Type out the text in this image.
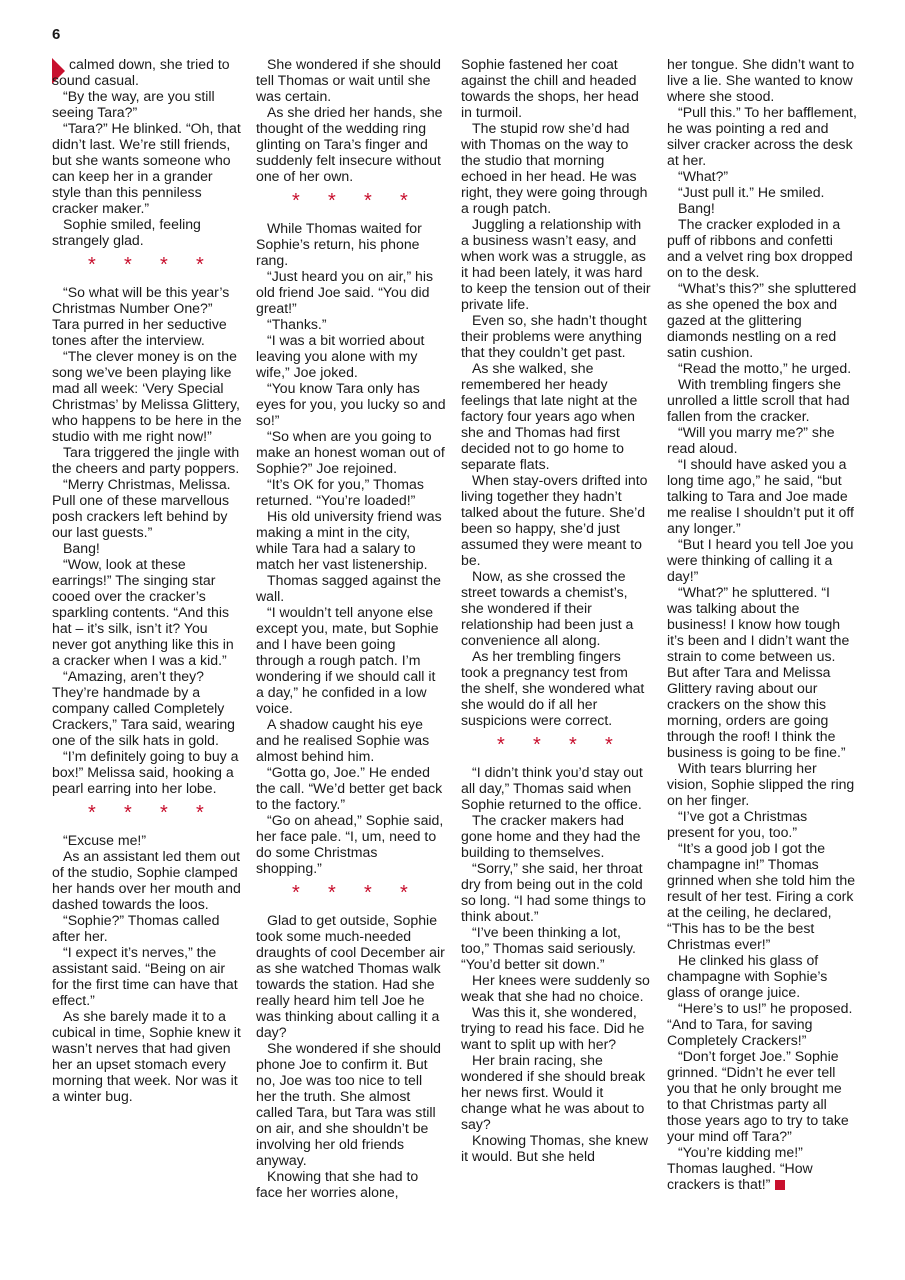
6

calmed down, she tried to sound casual.

“By the way, are you still seeing Tara?”

“Tara?” He blinked. “Oh, that didn’t last. We’re still friends, but she wants someone who can keep her in a grander style than this penniless cracker maker.”

Sophie smiled, feeling strangely glad.

* * * *

“So what will be this year’s Christmas Number One?” Tara purred in her seductive tones after the interview.

“The clever money is on the song we’ve been playing like mad all week: ‘Very Special Christmas’ by Melissa Glittery, who happens to be here in the studio with me right now!”

Tara triggered the jingle with the cheers and party poppers.

“Merry Christmas, Melissa. Pull one of these marvellous posh crackers left behind by our last guests.”

Bang!

“Wow, look at these earrings!” The singing star cooed over the cracker’s sparkling contents. “And this hat – it’s silk, isn’t it? You never got anything like this in a cracker when I was a kid.”

“Amazing, aren’t they? They’re handmade by a company called Completely Crackers,” Tara said, wearing one of the silk hats in gold.

“I’m definitely going to buy a box!” Melissa said, hooking a pearl earring into her lobe.

* * * *

“Excuse me!”

As an assistant led them out of the studio, Sophie clamped her hands over her mouth and dashed towards the loos.

“Sophie?” Thomas called after her.

“I expect it’s nerves,” the assistant said. “Being on air for the first time can have that effect.”

As she barely made it to a cubical in time, Sophie knew it wasn’t nerves that had given her an upset stomach every morning that week. Nor was it a winter bug.

She wondered if she should tell Thomas or wait until she was certain.

As she dried her hands, she thought of the wedding ring glinting on Tara’s finger and suddenly felt insecure without one of her own.

* * * *

While Thomas waited for Sophie’s return, his phone rang.

“Just heard you on air,” his old friend Joe said. “You did great!”

“Thanks.”

“I was a bit worried about leaving you alone with my wife,” Joe joked.

“You know Tara only has eyes for you, you lucky so and so!”

“So when are you going to make an honest woman out of Sophie?” Joe rejoined.

“It’s OK for you,” Thomas returned. “You’re loaded!”

His old university friend was making a mint in the city, while Tara had a salary to match her vast listenership.

Thomas sagged against the wall.

“I wouldn’t tell anyone else except you, mate, but Sophie and I have been going through a rough patch. I’m wondering if we should call it a day,” he confided in a low voice.

A shadow caught his eye and he realised Sophie was almost behind him.

“Gotta go, Joe.” He ended the call. “We’d better get back to the factory.”

“Go on ahead,” Sophie said, her face pale. “I, um, need to do some Christmas shopping.”

* * * *

Glad to get outside, Sophie took some much-needed draughts of cool December air as she watched Thomas walk towards the station. Had she really heard him tell Joe he was thinking about calling it a day?

She wondered if she should phone Joe to confirm it. But no, Joe was too nice to tell her the truth. She almost called Tara, but Tara was still on air, and she shouldn’t be involving her old friends anyway.

Knowing that she had to face her worries alone,

Sophie fastened her coat against the chill and headed towards the shops, her head in turmoil.

The stupid row she’d had with Thomas on the way to the studio that morning echoed in her head. He was right, they were going through a rough patch.

Juggling a relationship with a business wasn’t easy, and when work was a struggle, as it had been lately, it was hard to keep the tension out of their private life.

Even so, she hadn’t thought their problems were anything that they couldn’t get past.

As she walked, she remembered her heady feelings that late night at the factory four years ago when she and Thomas had first decided not to go home to separate flats.

When stay-overs drifted into living together they hadn’t talked about the future. She’d been so happy, she’d just assumed they were meant to be.

Now, as she crossed the street towards a chemist’s, she wondered if their relationship had been just a convenience all along.

As her trembling fingers took a pregnancy test from the shelf, she wondered what she would do if all her suspicions were correct.

* * * *

“I didn’t think you’d stay out all day,” Thomas said when Sophie returned to the office.

The cracker makers had gone home and they had the building to themselves.

“Sorry,” she said, her throat dry from being out in the cold so long. “I had some things to think about.”

“I’ve been thinking a lot, too,” Thomas said seriously. “You’d better sit down.”

Her knees were suddenly so weak that she had no choice.

Was this it, she wondered, trying to read his face. Did he want to split up with her?

Her brain racing, she wondered if she should break her news first. Would it change what he was about to say?

Knowing Thomas, she knew it would. But she held

her tongue. She didn’t want to live a lie. She wanted to know where she stood.

“Pull this.” To her bafflement, he was pointing a red and silver cracker across the desk at her.

“What?”

“Just pull it.” He smiled.

Bang!

The cracker exploded in a puff of ribbons and confetti and a velvet ring box dropped on to the desk.

“What’s this?” she spluttered as she opened the box and gazed at the glittering diamonds nestling on a red satin cushion.

“Read the motto,” he urged.

With trembling fingers she unrolled a little scroll that had fallen from the cracker.

“Will you marry me?” she read aloud.

“I should have asked you a long time ago,” he said, “but talking to Tara and Joe made me realise I shouldn’t put it off any longer.”

“But I heard you tell Joe you were thinking of calling it a day!”

“What?” he spluttered. “I was talking about the business! I know how tough it’s been and I didn’t want the strain to come between us. But after Tara and Melissa Glittery raving about our crackers on the show this morning, orders are going through the roof! I think the business is going to be fine.”

With tears blurring her vision, Sophie slipped the ring on her finger.

“I’ve got a Christmas present for you, too.”

“It’s a good job I got the champagne in!” Thomas grinned when she told him the result of her test. Firing a cork at the ceiling, he declared, “This has to be the best Christmas ever!”

He clinked his glass of champagne with Sophie’s glass of orange juice.

“Here’s to us!” he proposed. “And to Tara, for saving Completely Crackers!”

“Don’t forget Joe.” Sophie grinned. “Didn’t he ever tell you that he only brought me to that Christmas party all those years ago to try to take your mind off Tara?”

“You’re kidding me!” Thomas laughed. “How crackers is that!”
